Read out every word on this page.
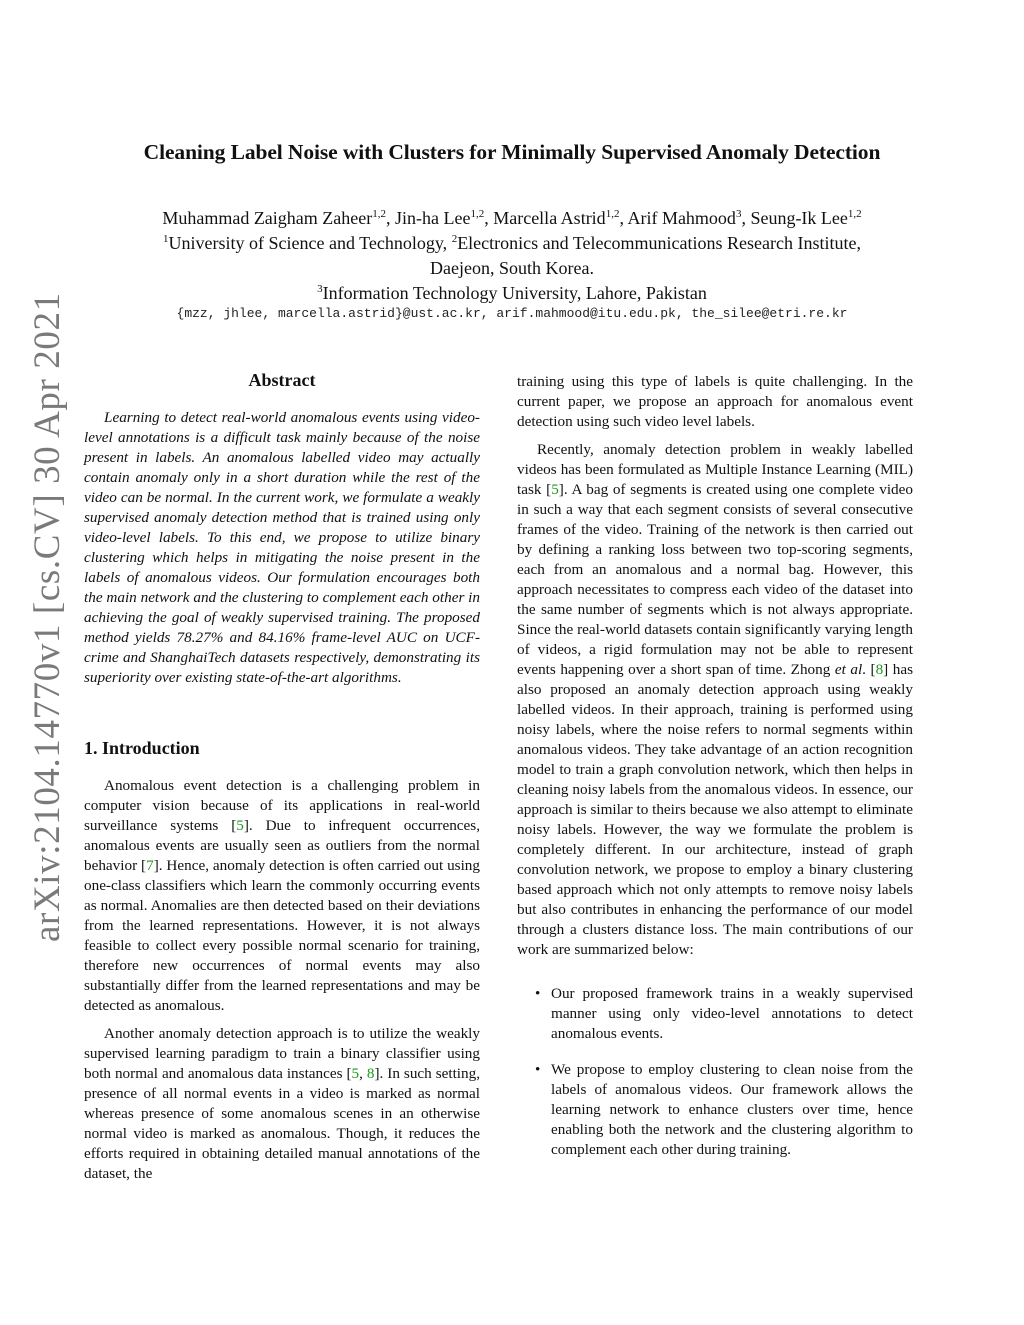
Cleaning Label Noise with Clusters for Minimally Supervised Anomaly Detection
Muhammad Zaigham Zaheer$^{1,2}$, Jin-ha Lee$^{1,2}$, Marcella Astrid$^{1,2}$, Arif Mahmood$^3$, Seung-Ik Lee$^{1,2}$
$^1$University of Science and Technology, $^2$Electronics and Telecommunications Research Institute,
Daejeon, South Korea.
$^3$Information Technology University, Lahore, Pakistan
{mzz, jhlee, marcella.astrid}@ust.ac.kr, arif.mahmood@itu.edu.pk, the_silee@etri.re.kr
arXiv:2104.14770v1 [cs.CV] 30 Apr 2021	Abstract

Learning to detect real-world anomalous events using video-level annotations is a difficult task mainly because of the noise present in labels. An anomalous labelled video may actually contain anomaly only in a short duration while the rest of the video can be normal. In the current work, we formulate a weakly supervised anomaly detection method that is trained using only video-level labels. To this end, we propose to utilize binary clustering which helps in mitigating the noise present in the labels of anomalous videos. Our formulation encourages both the main network and the clustering to complement each other in achieving the goal of weakly supervised training. The proposed method yields 78.27% and 84.16% frame-level AUC on UCF-crime and ShanghaiTech datasets respectively, demonstrating its superiority over existing state-of-the-art algorithms.

1. Introduction

Anomalous event detection is a challenging problem in computer vision because of its applications in real-world surveillance systems [5]. Due to infrequent occurrences, anomalous events are usually seen as outliers from the normal behavior [7]. Hence, anomaly detection is often carried out using one-class classifiers which learn the commonly occurring events as normal. Anomalies are then detected based on their deviations from the learned representations. However, it is not always feasible to collect every possible normal scenario for training, therefore new occurrences of normal events may also substantially differ from the learned representations and may be detected as anomalous.

Another anomaly detection approach is to utilize the weakly supervised learning paradigm to train a binary classifier using both normal and anomalous data instances [5, 8]. In such setting, presence of all normal events in a video is marked as normal whereas presence of some anomalous scenes in an otherwise normal video is marked as anomalous. Though, it reduces the efforts required in obtaining detailed manual annotations of the dataset, the

training using this type of labels is quite challenging. In the current paper, we propose an approach for anomalous event detection using such video level labels.

Recently, anomaly detection problem in weakly labelled videos has been formulated as Multiple Instance Learning (MIL) task [5]. A bag of segments is created using one complete video in such a way that each segment consists of several consecutive frames of the video. Training of the network is then carried out by defining a ranking loss between two top-scoring segments, each from an anomalous and a normal bag. However, this approach necessitates to compress each video of the dataset into the same number of segments which is not always appropriate. Since the real-world datasets contain significantly varying length of videos, a rigid formulation may not be able to represent events happening over a short span of time. Zhong et al. [8] has also proposed an anomaly detection approach using weakly labelled videos. In their approach, training is performed using noisy labels, where the noise refers to normal segments within anomalous videos. They take advantage of an action recognition model to train a graph convolution network, which then helps in cleaning noisy labels from the anomalous videos. In essence, our approach is similar to theirs because we also attempt to eliminate noisy labels. However, the way we formulate the problem is completely different. In our architecture, instead of graph convolution network, we propose to employ a binary clustering based approach which not only attempts to remove noisy labels but also contributes in enhancing the performance of our model through a clusters distance loss. The main contributions of our work are summarized below:

• Our proposed framework trains in a weakly supervised manner using only video-level annotations to detect anomalous events.
• We propose to employ clustering to clean noise from the labels of anomalous videos. Our framework allows the learning network to enhance clusters over time, hence enabling both the network and the clustering algorithm to complement each other during training.
